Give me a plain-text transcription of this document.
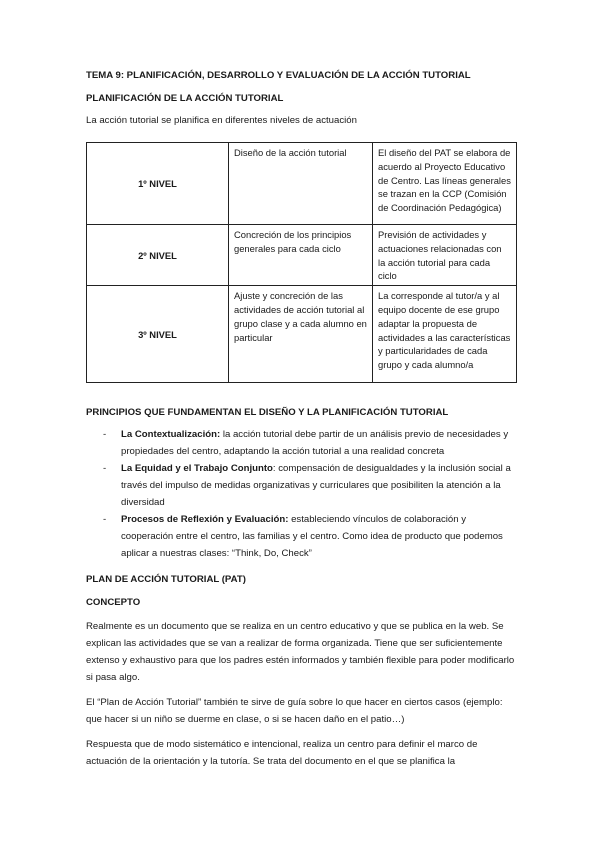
TEMA 9: PLANIFICACIÓN, DESARROLLO Y EVALUACIÓN DE LA ACCIÓN TUTORIAL

PLANIFICACIÓN DE LA ACCIÓN TUTORIAL

La acción tutorial se planifica en diferentes niveles de actuación

1º NIVEL	Diseño de la acción tutorial	El diseño del PAT se elabora de acuerdo al Proyecto Educativo de Centro. Las líneas generales se trazan en la CCP (Comisión de Coordinación Pedagógica)
2º NIVEL	Concreción de los principios generales para cada ciclo	Previsión de actividades y actuaciones relacionadas con la acción tutorial para cada ciclo
3º NIVEL	Ajuste y concreción de las actividades de acción tutorial al grupo clase y a cada alumno en particular	La corresponde al tutor/a y al equipo docente de ese grupo adaptar la propuesta de actividades a las características y particularidades de cada grupo y cada alumno/a

PRINCIPIOS QUE FUNDAMENTAN EL DISEÑO Y LA PLANIFICACIÓN TUTORIAL

- La Contextualización: la acción tutorial debe partir de un análisis previo de necesidades y propiedades del centro, adaptando la acción tutorial a una realidad concreta
- La Equidad y el Trabajo Conjunto: compensación de desigualdades y la inclusión social a través del impulso de medidas organizativas y curriculares que posibiliten la atención a la diversidad
- Procesos de Reflexión y Evaluación: estableciendo vínculos de colaboración y cooperación entre el centro, las familias y el centro. Como idea de producto que podemos aplicar a nuestras clases: “Think, Do, Check”

PLAN DE ACCIÓN TUTORIAL (PAT)

CONCEPTO

Realmente es un documento que se realiza en un centro educativo y que se publica en la web. Se explican las actividades que se van a realizar de forma organizada. Tiene que ser suficientemente extenso y exhaustivo para que los padres estén informados y también flexible para poder modificarlo si pasa algo.

El “Plan de Acción Tutorial” también te sirve de guía sobre lo que hacer en ciertos casos (ejemplo: que hacer si un niño se duerme en clase, o si se hacen daño en el patio…)

Respuesta que de modo sistemático e intencional, realiza un centro para definir el marco de actuación de la orientación y la tutoría. Se trata del documento en el que se planifica la
